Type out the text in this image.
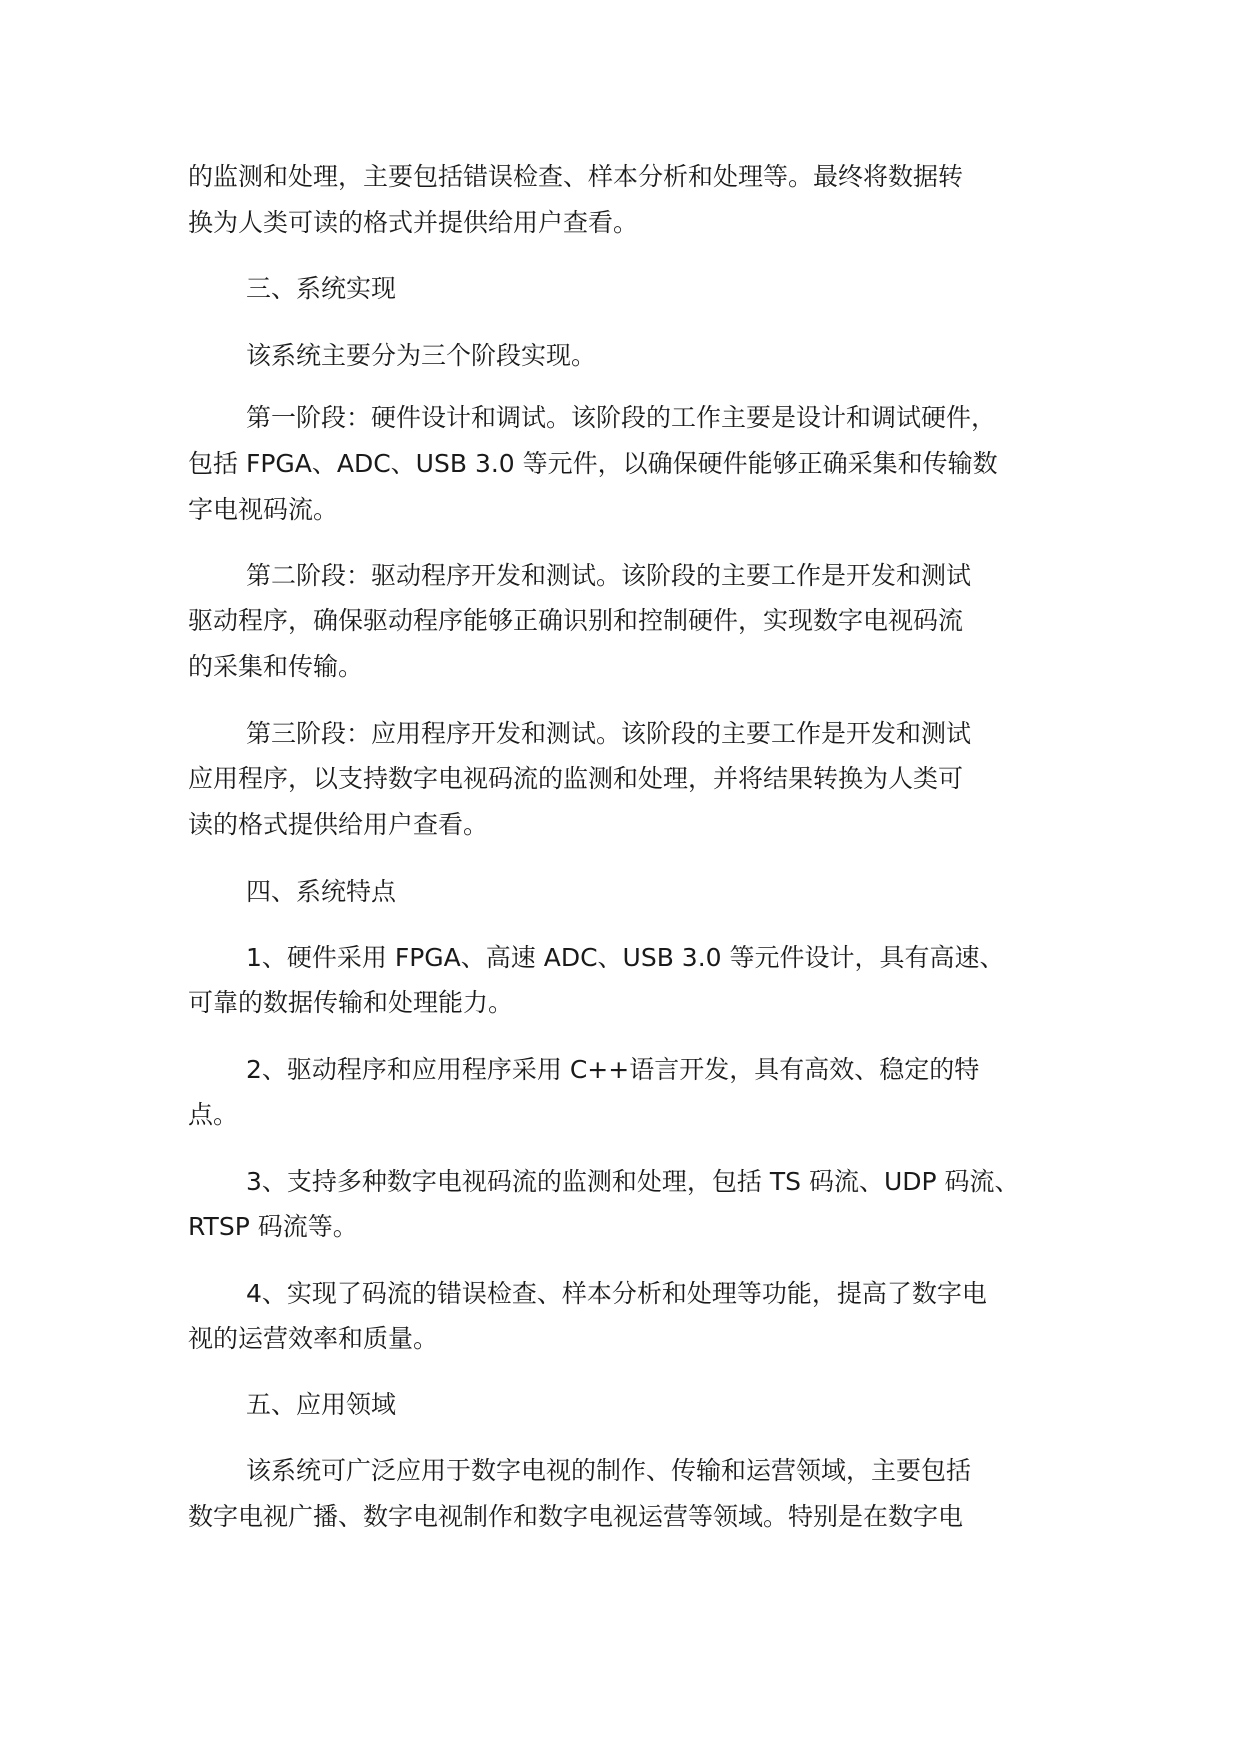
的监测和处理，主要包括错误检查、样本分析和处理等。最终将数据转
换为人类可读的格式并提供给用户查看。
三、系统实现
该系统主要分为三个阶段实现。
第一阶段：硬件设计和调试。该阶段的工作主要是设计和调试硬件，
包括 FPGA、ADC、USB 3.0 等元件，以确保硬件能够正确采集和传输数
字电视码流。
第二阶段：驱动程序开发和测试。该阶段的主要工作是开发和测试
驱动程序，确保驱动程序能够正确识别和控制硬件，实现数字电视码流
的采集和传输。
第三阶段：应用程序开发和测试。该阶段的主要工作是开发和测试
应用程序，以支持数字电视码流的监测和处理，并将结果转换为人类可
读的格式提供给用户查看。
四、系统特点
1、硬件采用 FPGA、高速 ADC、USB 3.0 等元件设计，具有高速、
可靠的数据传输和处理能力。
2、驱动程序和应用程序采用 C++语言开发，具有高效、稳定的特
点。
3、支持多种数字电视码流的监测和处理，包括 TS 码流、UDP 码流、
RTSP 码流等。
4、实现了码流的错误检查、样本分析和处理等功能，提高了数字电
视的运营效率和质量。
五、应用领域
该系统可广泛应用于数字电视的制作、传输和运营领域，主要包括
数字电视广播、数字电视制作和数字电视运营等领域。特别是在数字电
